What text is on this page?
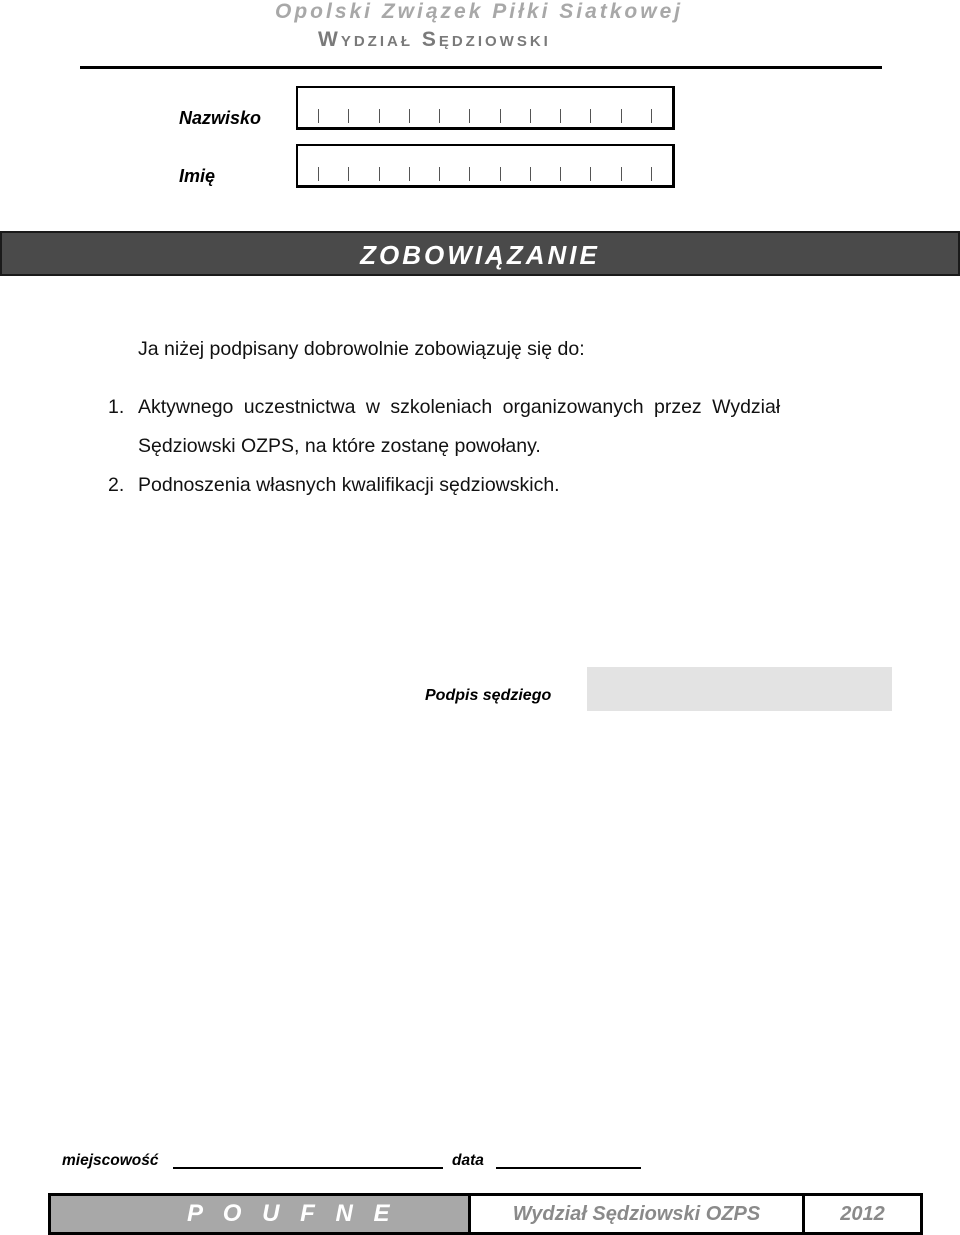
Opolski Związek Piłki Siatkowej
Wydział Sędziowski
Nazwisko
Imię
ZOBOWIĄZANIE
Ja niżej podpisany dobrowolnie zobowiązuję się do:
1. Aktywnego uczestnictwa w szkoleniach organizowanych przez Wydział
Sędziowski OZPS, na które zostanę powołany.
2. Podnoszenia własnych kwalifikacji sędziowskich.
Podpis sędziego
miejscowość	data
P O U F N E	Wydział Sędziowski OZPS	2012
